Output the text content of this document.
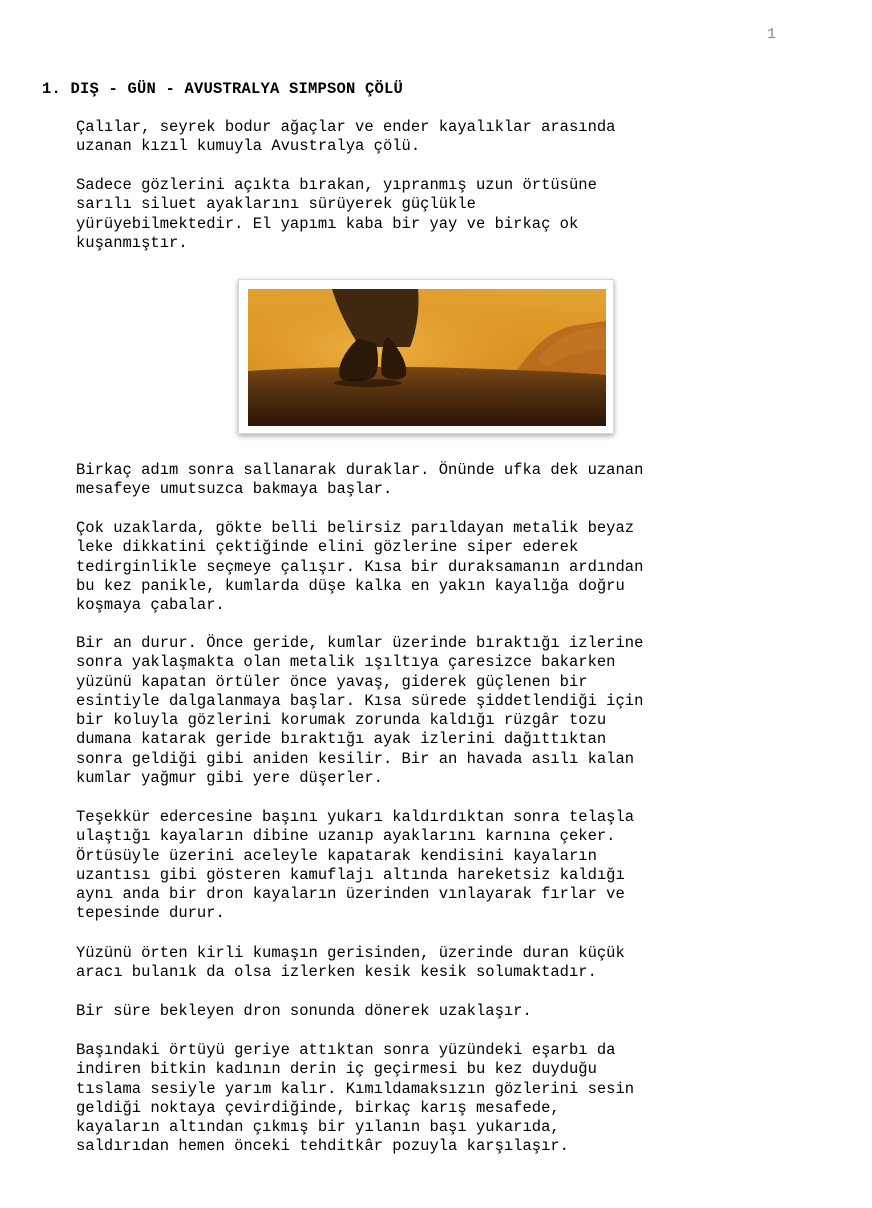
1
1. DIŞ - GÜN - AVUSTRALYA SIMPSON ÇÖLÜ

Çalılar, seyrek bodur ağaçlar ve ender kayalıklar arasında
uzanan kızıl kumuyla Avustralya çölü.

Sadece gözlerini açıkta bırakan, yıpranmış uzun örtüsüne
sarılı siluet ayaklarını sürüyerek güçlükle
yürüyebilmektedir. El yapımı kaba bir yay ve birkaç ok
kuşanmıştır.

Birkaç adım sonra sallanarak duraklar. Önünde ufka dek uzanan
mesafeye umutsuzca bakmaya başlar.

Çok uzaklarda, gökte belli belirsiz parıldayan metalik beyaz
leke dikkatini çektiğinde elini gözlerine siper ederek
tedirginlikle seçmeye çalışır. Kısa bir duraksamanın ardından
bu kez panikle, kumlarda düşe kalka en yakın kayalığa doğru
koşmaya çabalar.

Bir an durur. Önce geride, kumlar üzerinde bıraktığı izlerine
sonra yaklaşmakta olan metalik ışıltıya çaresizce bakarken
yüzünü kapatan örtüler önce yavaş, giderek güçlenen bir
esintiyle dalgalanmaya başlar. Kısa sürede şiddetlendiği için
bir koluyla gözlerini korumak zorunda kaldığı rüzgâr tozu
dumana katarak geride bıraktığı ayak izlerini dağıttıktan
sonra geldiği gibi aniden kesilir. Bir an havada asılı kalan
kumlar yağmur gibi yere düşerler.

Teşekkür edercesine başını yukarı kaldırdıktan sonra telaşla
ulaştığı kayaların dibine uzanıp ayaklarını karnına çeker.
Örtüsüyle üzerini aceleyle kapatarak kendisini kayaların
uzantısı gibi gösteren kamuflajı altında hareketsiz kaldığı
aynı anda bir dron kayaların üzerinden vınlayarak fırlar ve
tepesinde durur.

Yüzünü örten kirli kumaşın gerisinden, üzerinde duran küçük
aracı bulanık da olsa izlerken kesik kesik solumaktadır.

Bir süre bekleyen dron sonunda dönerek uzaklaşır.

Başındaki örtüyü geriye attıktan sonra yüzündeki eşarbı da
indiren bitkin kadının derin iç geçirmesi bu kez duyduğu
tıslama sesiyle yarım kalır. Kımıldamaksızın gözlerini sesin
geldiği noktaya çevirdiğinde, birkaç karış mesafede,
kayaların altından çıkmış bir yılanın başı yukarıda,
saldırıdan hemen önceki tehditkâr pozuyla karşılaşır.
